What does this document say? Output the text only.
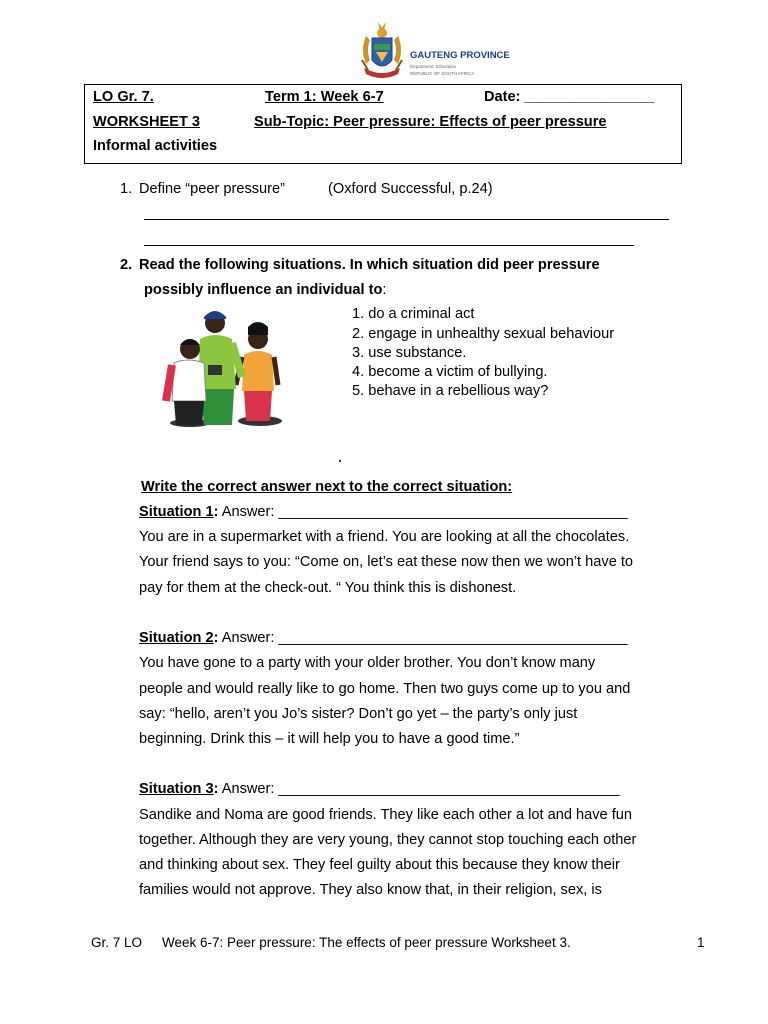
GAUTENG PROVINCE
Department: Education
REPUBLIC OF SOUTH AFRICA
LO Gr. 7.	Term 1: Week 6-7	Date: ________________
WORKSHEET 3	Sub-Topic: Peer pressure: Effects of peer pressure
Informal activities
1. Define “peer pressure”	(Oxford Successful, p.24)
2. Read the following situations. In which situation did peer pressure
possibly influence an individual to:
1. do a criminal act
2. engage in unhealthy sexual behaviour
3. use substance.
4. become a victim of bullying.
5. behave in a rebellious way?
.
Write the correct answer next to the correct situation:
Situation 1: Answer: ___________________________________________
You are in a supermarket with a friend. You are looking at all the chocolates.
Your friend says to you: “Come on, let’s eat these now then we won’t have to
pay for them at the check-out. “ You think this is dishonest.
Situation 2: Answer: ___________________________________________
You have gone to a party with your older brother. You don’t know many
people and would really like to go home. Then two guys come up to you and
say: “hello, aren’t you Jo’s sister? Don’t go yet – the party’s only just
beginning. Drink this – it will help you to have a good time.”
Situation 3: Answer: __________________________________________
Sandike and Noma are good friends. They like each other a lot and have fun
together. Although they are very young, they cannot stop touching each other
and thinking about sex. They feel guilty about this because they know their
families would not approve. They also know that, in their religion, sex, is
Gr. 7 LO Week 6-7: Peer pressure: The effects of peer pressure Worksheet 3.	1
